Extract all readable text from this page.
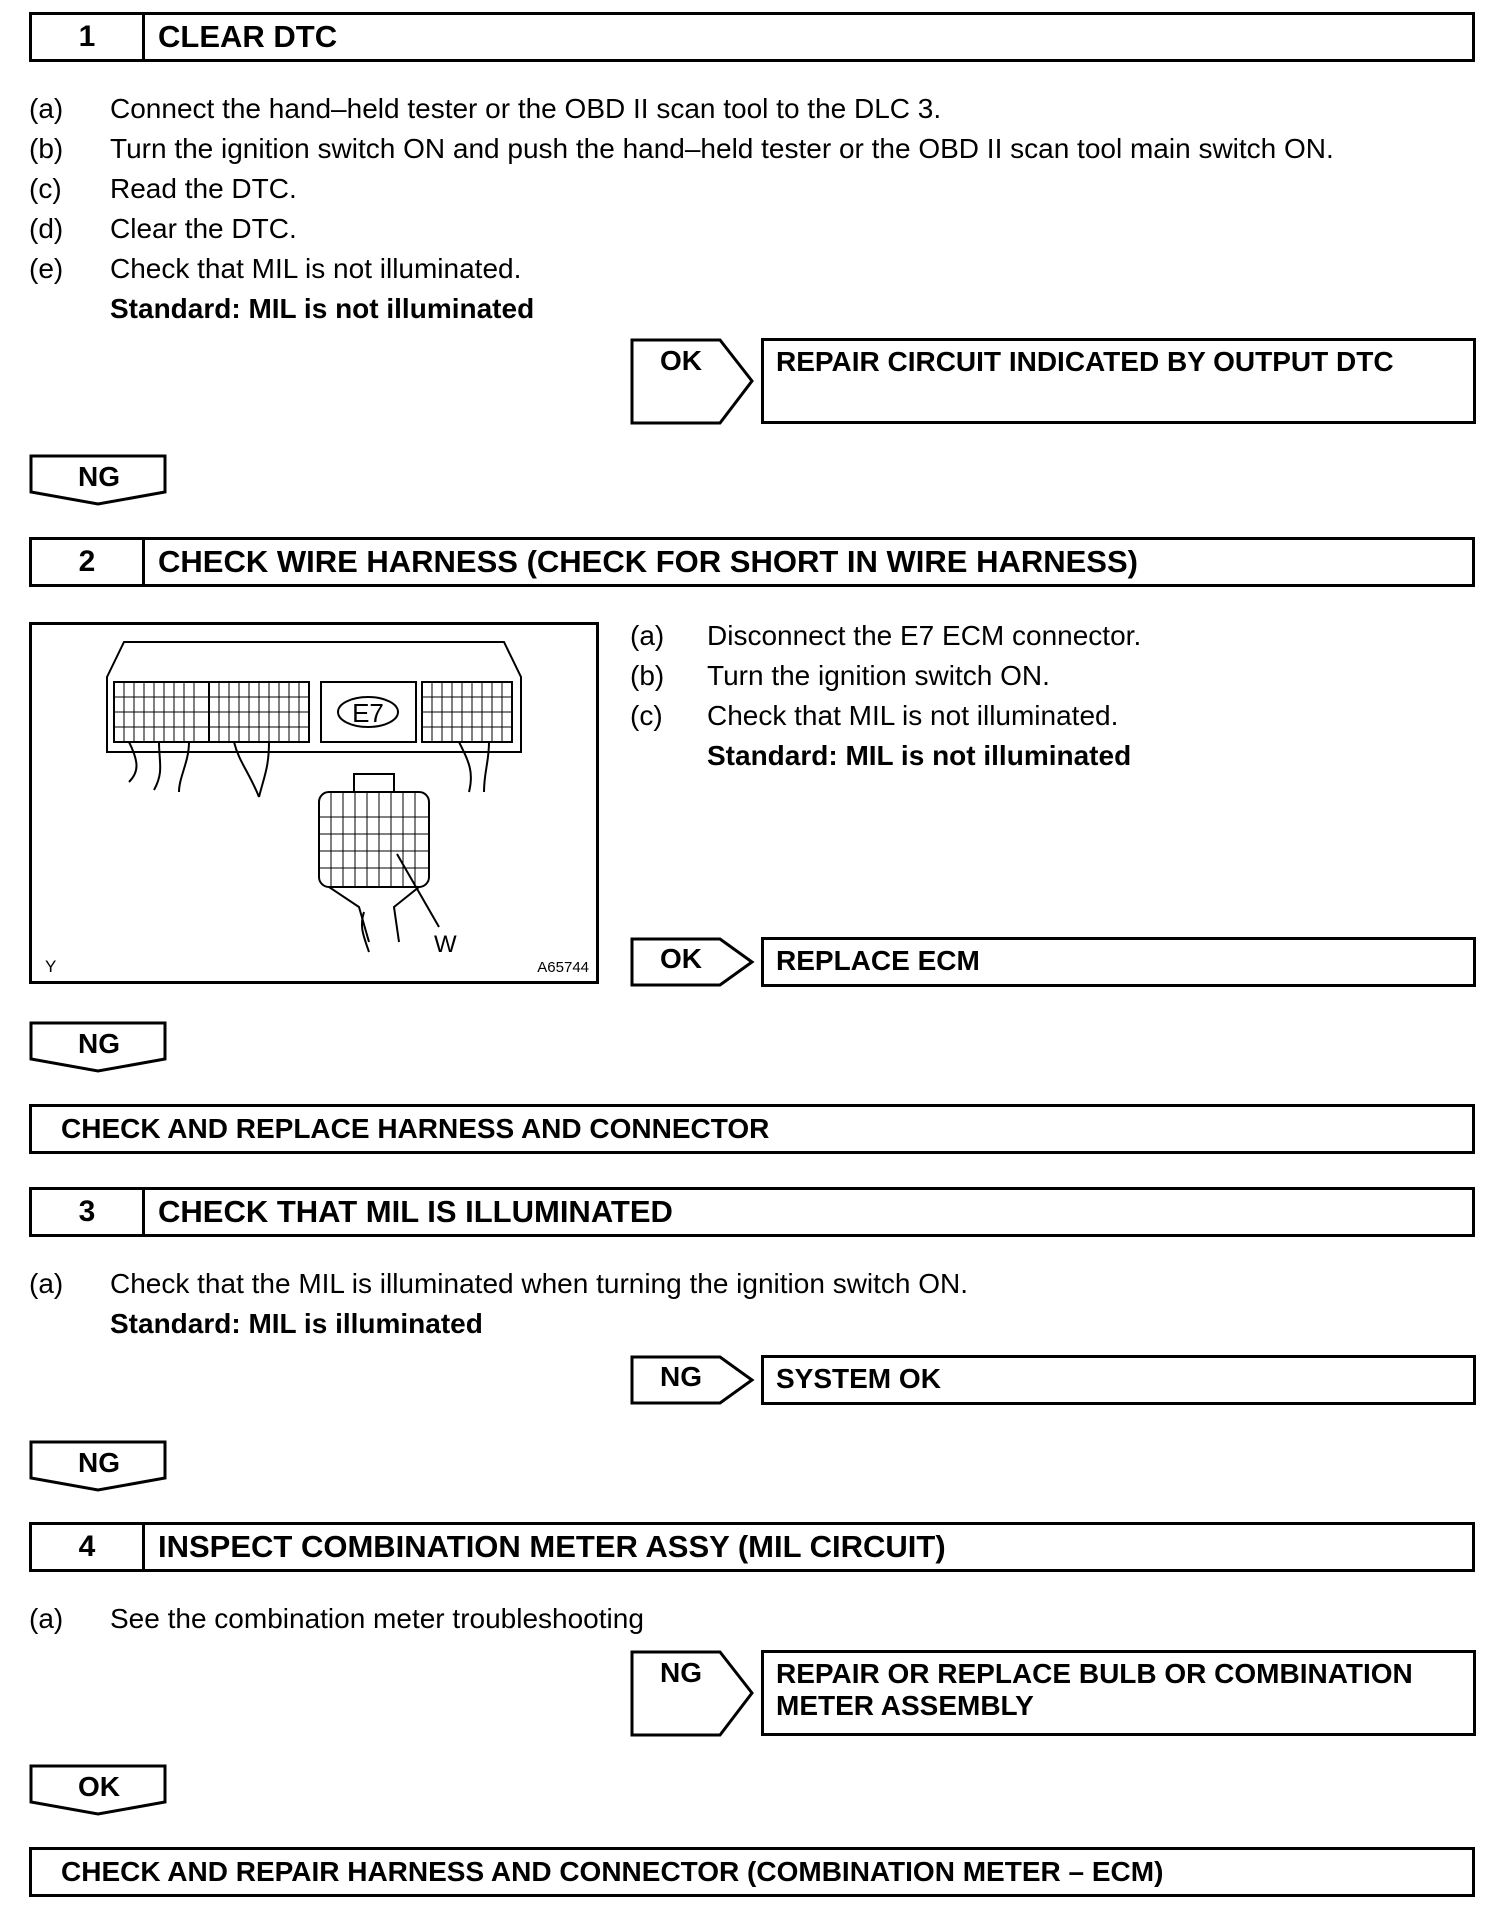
1	CLEAR DTC
(a) Connect the hand–held tester or the OBD II scan tool to the DLC 3.
(b) Turn the ignition switch ON and push the hand–held tester or the OBD II scan tool main switch ON.
(c) Read the DTC.
(d) Clear the DTC.
(e) Check that MIL is not illuminated.
Standard: MIL is not illuminated
OK	REPAIR CIRCUIT INDICATED BY OUTPUT DTC
NG
2	CHECK WIRE HARNESS (CHECK FOR SHORT IN WIRE HARNESS)
E7
W
Y	A65744
(a) Disconnect the E7 ECM connector.
(b) Turn the ignition switch ON.
(c) Check that MIL is not illuminated.
Standard: MIL is not illuminated
OK	REPLACE ECM
NG
CHECK AND REPLACE HARNESS AND CONNECTOR
3	CHECK THAT MIL IS ILLUMINATED
(a) Check that the MIL is illuminated when turning the ignition switch ON.
Standard: MIL is illuminated
NG	SYSTEM OK
NG
4	INSPECT COMBINATION METER ASSY (MIL CIRCUIT)
(a) See the combination meter troubleshooting
NG	REPAIR OR REPLACE BULB OR COMBINATION
METER ASSEMBLY
OK
CHECK AND REPAIR HARNESS AND CONNECTOR (COMBINATION METER – ECM)
